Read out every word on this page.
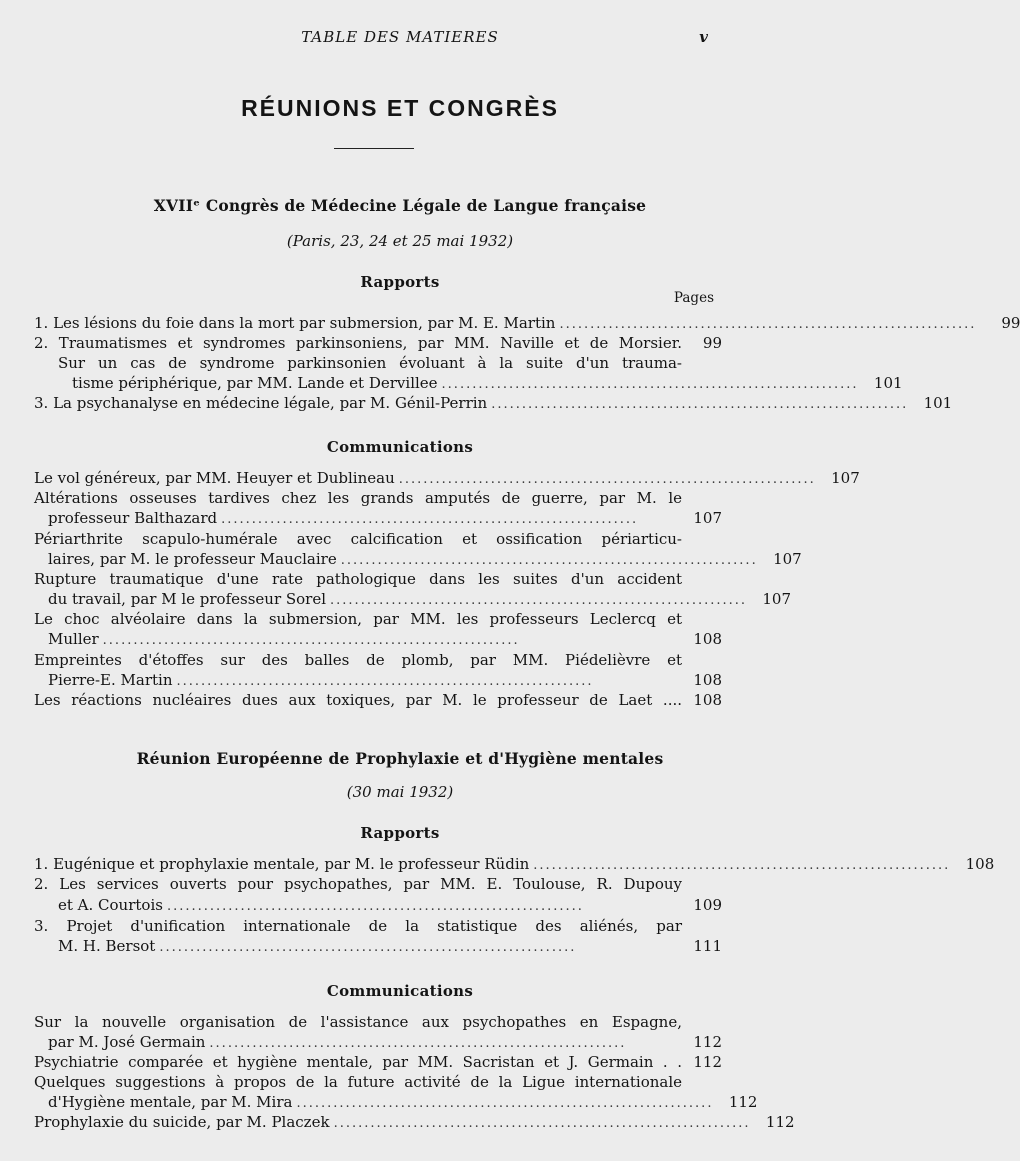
TABLE DES MATIERES	v
RÉUNIONS ET CONGRÈS
XVIIᵉ Congrès de Médecine Légale de Langue française
(Paris, 23, 24 et 25 mai 1932)
Rapports
Pages
1. Les lésions du foie dans la mort par submersion, par M. E. Martin ....................................................................	99
2. Traumatismes et syndromes parkinsoniens, par MM. Naville et de Morsier.	99
Sur un cas de syndrome parkinsonien évoluant à la suite d'un trauma-
tisme périphérique, par MM. Lande et Dervillee ....................................................................	101
3. La psychanalyse en médecine légale, par M. Génil-Perrin ....................................................................	101
Communications
Le vol généreux, par MM. Heuyer et Dublineau ....................................................................	107
Altérations osseuses tardives chez les grands amputés de guerre, par M. le
professeur Balthazard ....................................................................	107
Périarthrite scapulo-humérale avec calcification et ossification périarticu-
laires, par M. le professeur Mauclaire ....................................................................	107
Rupture traumatique d'une rate pathologique dans les suites d'un accident
du travail, par M le professeur Sorel ....................................................................	107
Le choc alvéolaire dans la submersion, par MM. les professeurs Leclercq et
Muller ....................................................................	108
Empreintes d'étoffes sur des balles de plomb, par MM. Piédelièvre et
Pierre-E. Martin ....................................................................	108
Les réactions nucléaires dues aux toxiques, par M. le professeur de Laet .... 108
Réunion Européenne de Prophylaxie et d'Hygiène mentales
(30 mai 1932)
Rapports
1. Eugénique et prophylaxie mentale, par M. le professeur Rüdin ....................................................................	108
2. Les services ouverts pour psychopathes, par MM. E. Toulouse, R. Dupouy
et A. Courtois ....................................................................	109
3. Projet d'unification internationale de la statistique des aliénés, par
M. H. Bersot ....................................................................	111
Communications
Sur la nouvelle organisation de l'assistance aux psychopathes en Espagne,
par M. José Germain ....................................................................	112
Psychiatrie comparée et hygiène mentale, par MM. Sacristan et J. Germain . . 112
Quelques suggestions à propos de la future activité de la Ligue internationale
d'Hygiène mentale, par M. Mira ....................................................................	112
Prophylaxie du suicide, par M. Placzek ....................................................................	112
